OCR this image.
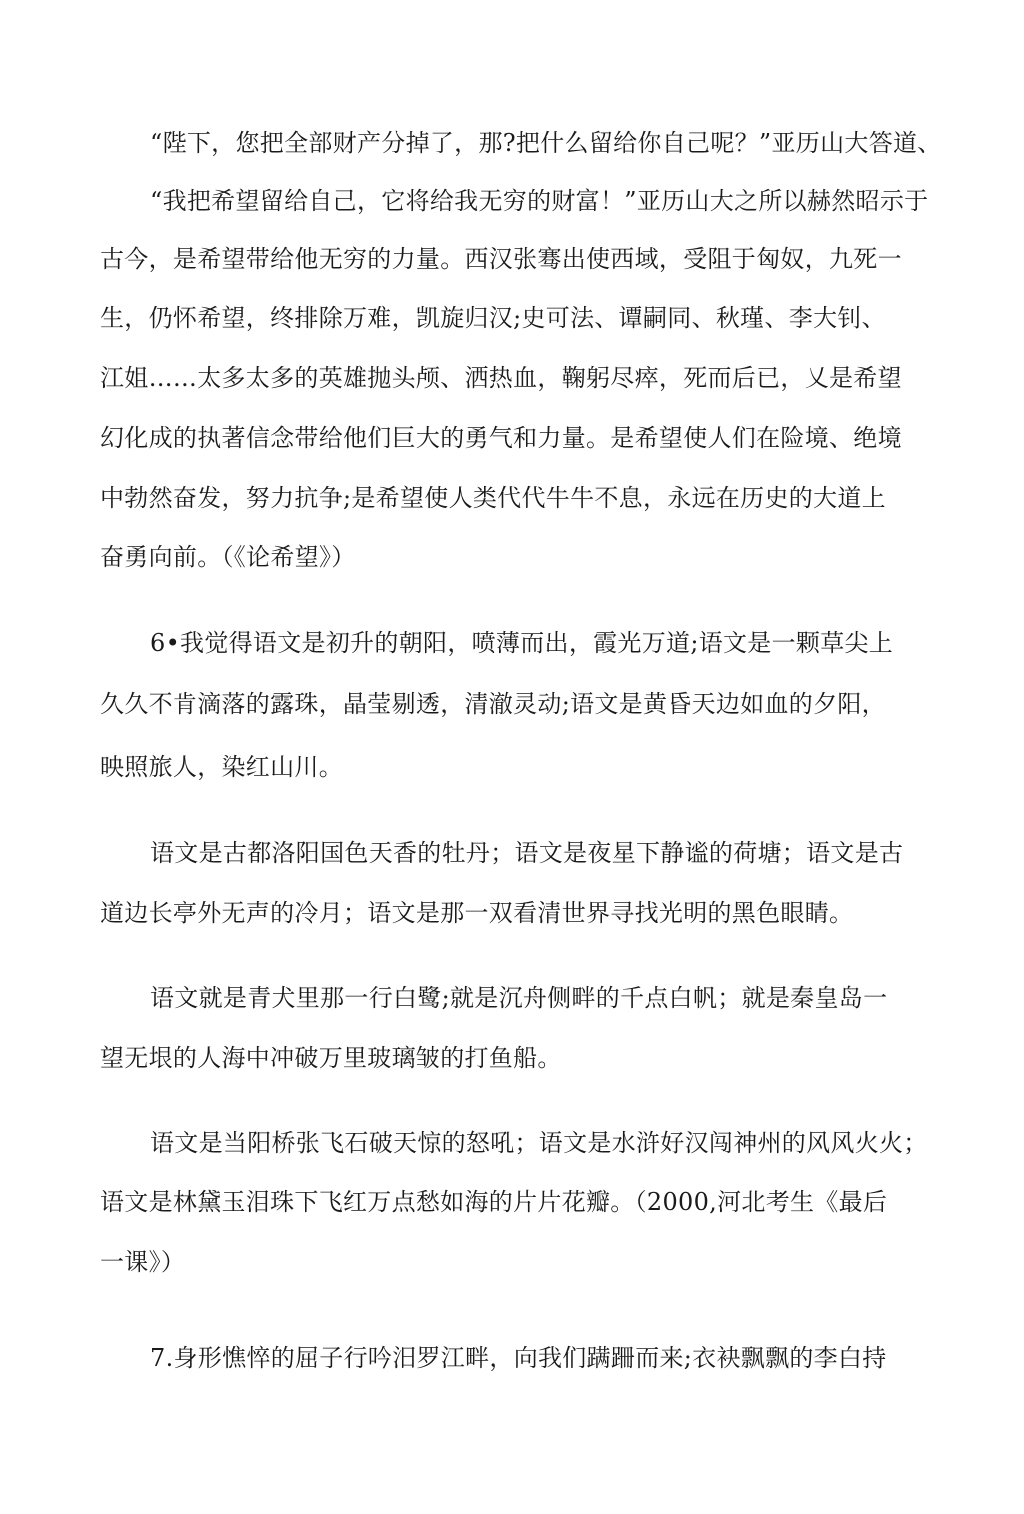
“陛下，您把全部财产分掉了，那?把什么留给你自己呢？”亚历山大答道、
“我把希望留给自己，它将给我无穷的财富！”亚历山大之所以赫然昭示于
古今，是希望带给他无穷的力量。西汉张骞出使西域，受阻于匈奴，九死一
生，仍怀希望，终排除万难，凯旋归汉;史可法、谭嗣同、秋瑾、李大钊、
江姐……太多太多的英雄抛头颅、洒热血，鞠躬尽瘁，死而后已，乂是希望
幻化成的执著信念带给他们巨大的勇气和力量。是希望使人们在险境、绝境
中勃然奋发，努力抗争;是希望使人类代代牛牛不息，永远在历史的大道上
奋勇向前。（《论希望》）
6•我觉得语文是初升的朝阳，喷薄而出，霞光万道;语文是一颗草尖上
久久不肯滴落的露珠，晶莹剔透，清澈灵动;语文是黄昏天边如血的夕阳，
映照旅人，染红山川。
语文是古都洛阳国色天香的牡丹；语文是夜星下静谧的荷塘；语文是古
道边长亭外无声的冷月；语文是那一双看清世界寻找光明的黑色眼睛。
语文就是青犬里那一行白鹭;就是沉舟侧畔的千点白帆；就是秦皇岛一
望无垠的人海中冲破万里玻璃皱的打鱼船。
语文是当阳桥张飞石破天惊的怒吼；语文是水浒好汉闯神州的风风火火；
语文是林黛玉泪珠下飞红万点愁如海的片片花瓣。（2000,河北考生《最后
一课》）
7.身形憔悴的屈子行吟汨罗江畔，向我们蹒跚而来;衣袂飘飘的李白持
